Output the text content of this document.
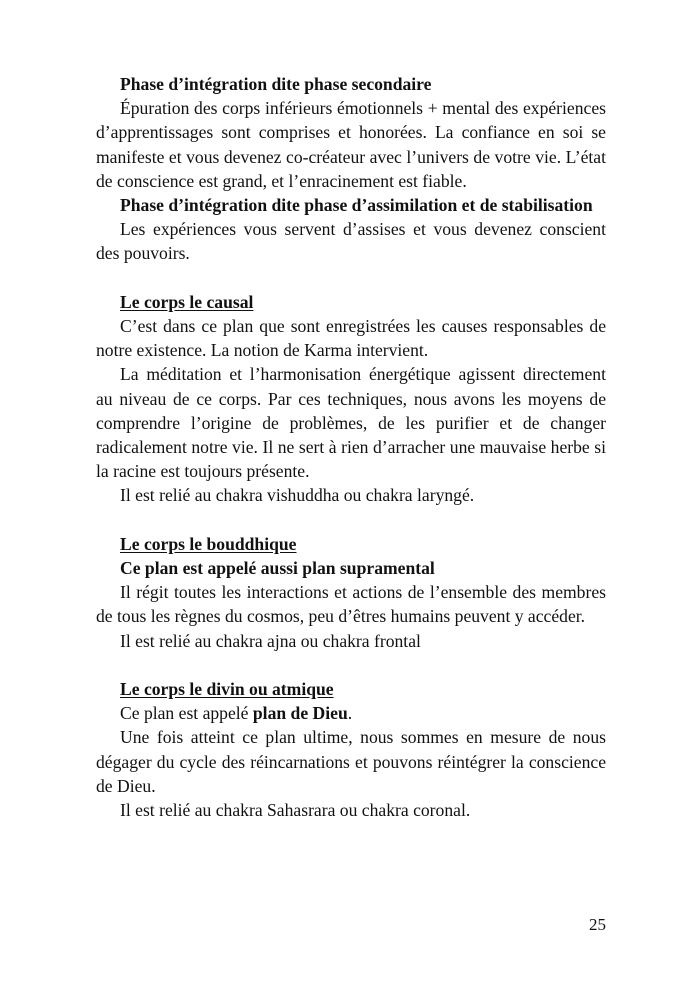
Phase d’intégration dite phase secondaire

Épuration des corps inférieurs émotionnels + mental des expériences d’apprentissages sont comprises et honorées. La confiance en soi se manifeste et vous devenez co-créateur avec l’univers de votre vie. L’état de conscience est grand, et l’enracinement est fiable.

Phase d’intégration dite phase d’assimilation et de stabilisation

Les expériences vous servent d’assises et vous devenez conscient des pouvoirs.

Le corps le causal

C’est dans ce plan que sont enregistrées les causes responsables de notre existence. La notion de Karma intervient.

La méditation et l’harmonisation énergétique agissent directement au niveau de ce corps. Par ces techniques, nous avons les moyens de comprendre l’origine de problèmes, de les purifier et de changer radicalement notre vie. Il ne sert à rien d’arracher une mauvaise herbe si la racine est toujours présente.

Il est relié au chakra vishuddha ou chakra laryngé.

Le corps le bouddhique

Ce plan est appelé aussi plan supramental

Il régit toutes les interactions et actions de l’ensemble des membres de tous les règnes du cosmos, peu d’êtres humains peuvent y accéder.

Il est relié au chakra ajna ou chakra frontal

Le corps le divin ou atmique

Ce plan est appelé plan de Dieu.

Une fois atteint ce plan ultime, nous sommes en mesure de nous dégager du cycle des réincarnations et pouvons réintégrer la conscience de Dieu.

Il est relié au chakra Sahasrara ou chakra coronal.

25
